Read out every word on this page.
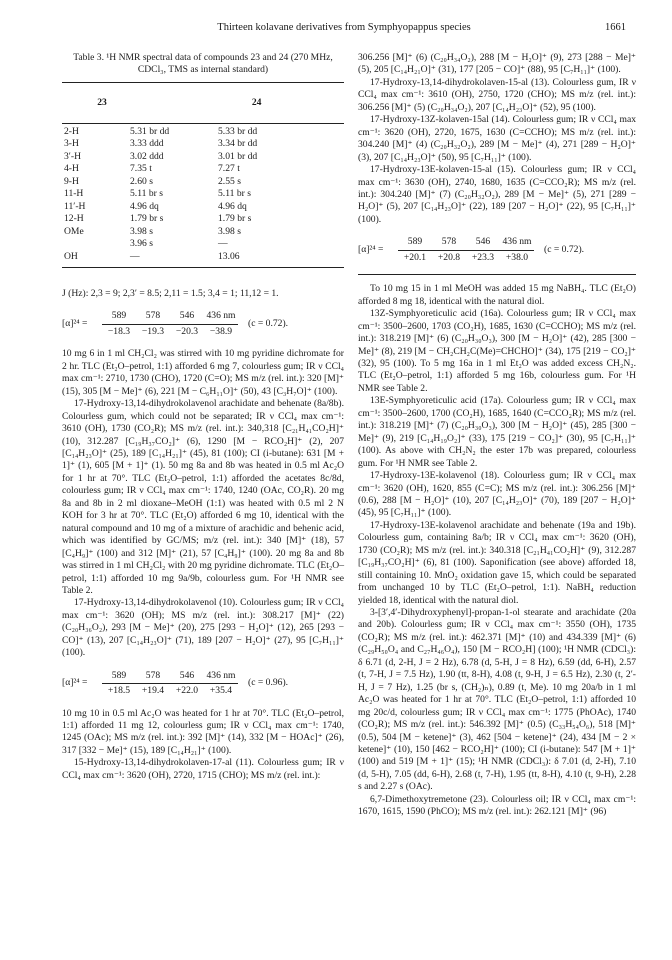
Thirteen kolavane derivatives from Symphyopappus species	1661
Table 3. ¹H NMR spectral data of compounds 23 and 24 (270 MHz, CDCl₃, TMS as internal standard)
	23	24
2-H	5.31 br dd	5.33 br dd
3-H	3.33 ddd	3.34 br dd
3′-H	3.02 ddd	3.01 br dd
4-H	7.35 t	7.27 t
9-H	2.60 s	2.55 s
11-H	5.11 br s	5.11 br s
11′-H	4.96 dq	4.96 dq
12-H	1.79 br s	1.79 br s
OMe	3.98 s	3.98 s
	3.96 s	—
OH	—	13.06

J (Hz): 2,3 = 9; 2,3′ = 8.5; 2,11 = 1.5; 3,4 = 1; 11,12 = 1.

[α]²⁴ =
589	578	546	436 nm
−18.3	−19.3	−20.3	−38.9
(c = 0.72).

10 mg 6 in 1 ml CH₂Cl₂ was stirred with 10 mg pyridine dichromate for 2 hr. TLC (Et₂O–petrol, 1:1) afforded 6 mg 7, colourless gum; IR ν CCl₄ max cm⁻¹: 2710, 1730 (CHO), 1720 (C=O); MS m/z (rel. int.): 320 [M]⁺ (15), 305 [M − Me]⁺ (6), 221 [M − C₆H₁₁O]⁺ (50), 43 [C₃H₇O]⁺ (100).

17-Hydroxy-13,14-dihydrokolavenol arachidate and behenate (8a/8b). Colourless gum, which could not be separated; IR ν CCl₄ max cm⁻¹: 3610 (OH), 1730 (CO₂R); MS m/z (rel. int.): 340,318 [C₂₁H₄₁CO₂H]⁺ (10), 312.287 [C₁₉H₃₇CO₂]⁺ (6), 1290 [M − RCO₂H]⁺ (2), 207 [C₁₄H₂₃O]⁺ (25), 189 [C₁₄H₂₁]⁺ (45), 81 (100); CI (i-butane): 631 [M + 1]⁺ (1), 605 [M + 1]⁺ (1). 50 mg 8a and 8b was heated in 0.5 ml Ac₂O for 1 hr at 70°. TLC (Et₂O–petrol, 1:1) afforded the acetates 8c/8d, colourless gum; IR ν CCl₄ max cm⁻¹: 1740, 1240 (OAc, CO₂R). 20 mg 8a and 8b in 2 ml dioxane–MeOH (1:1) was heated with 0.5 ml 2 N KOH for 3 hr at 70°. TLC (Et₂O) afforded 6 mg 10, identical with the natural compound and 10 mg of a mixture of arachidic and behenic acid, which was identified by GC/MS; m/z (rel. int.): 340 [M]⁺ (18), 57 [C₄H₉]⁺ (100) and 312 [M]⁺ (21), 57 [C₄H₉]⁺ (100). 20 mg 8a and 8b was stirred in 1 ml CH₂Cl₂ with 20 mg pyridine dichromate. TLC (Et₂O–petrol, 1:1) afforded 10 mg 9a/9b, colourless gum. For ¹H NMR see Table 2.

17-Hydroxy-13,14-dihydrokolavenol (10). Colourless gum; IR ν CCl₄ max cm⁻¹: 3620 (OH); MS m/z (rel. int.): 308.217 [M]⁺ (22) (C₂₀H₃₆O₂), 293 [M − Me]⁺ (20), 275 [293 − H₂O]⁺ (12), 265 [293 − CO]⁺ (13), 207 [C₁₄H₂₃O]⁺ (71), 189 [207 − H₂O]⁺ (27), 95 [C₇H₁₁]⁺ (100).

[α]²⁴ =
589	578	546	436 nm
+18.5	+19.4	+22.0	+35.4
(c = 0.96).

10 mg 10 in 0.5 ml Ac₂O was heated for 1 hr at 70°. TLC (Et₂O–petrol, 1:1) afforded 11 mg 12, colourless gum; IR ν CCl₄ max cm⁻¹: 1740, 1245 (OAc); MS m/z (rel. int.): 392 [M]⁺ (14), 332 [M − HOAc]⁺ (26), 317 [332 − Me]⁺ (15), 189 [C₁₄H₂₁]⁺ (100).

15-Hydroxy-13,14-dihydrokolaven-17-al (11). Colourless gum; IR ν CCl₄ max cm⁻¹: 3620 (OH), 2720, 1715 (CHO); MS m/z (rel. int.):

306.256 [M]⁺ (6) (C₂₀H₃₄O₂), 288 [M − H₂O]⁺ (9), 273 [288 − Me]⁺ (5), 205 [C₁₄H₂₁O]⁺ (31), 177 [205 − CO]⁺ (88), 95 [C₇H₁₁]⁺ (100).

17-Hydroxy-13,14-dihydrokolaven-15-al (13). Colourless gum, IR ν CCl₄ max cm⁻¹: 3610 (OH), 2750, 1720 (CHO); MS m/z (rel. int.): 306.256 [M]⁺ (5) (C₂₀H₃₄O₂), 207 [C₁₄H₂₃O]⁺ (52), 95 (100).

17-Hydroxy-13Z-kolaven-15al (14). Colourless gum; IR ν CCl₄ max cm⁻¹: 3620 (OH), 2720, 1675, 1630 (C=CCHO); MS m/z (rel. int.): 304.240 [M]⁺ (4) (C₂₀H₃₂O₂), 289 [M − Me]⁺ (4), 271 [289 − H₂O]⁺ (3), 207 [C₁₄H₂₃O]⁺ (50), 95 [C₇H₁₁]⁺ (100).

17-Hydroxy-13E-kolaven-15-al (15). Colourless gum; IR ν CCl₄ max cm⁻¹: 3630 (OH), 2740, 1680, 1635 (C=CCO₂R); MS m/z (rel. int.): 304.240 [M]⁺ (7) (C₂₀H₃₂O₂), 289 [M − Me]⁺ (5), 271 [289 − H₂O]⁺ (5), 207 [C₁₄H₂₃O]⁺ (22), 189 [207 − H₂O]⁺ (22), 95 [C₇H₁₁]⁺ (100).

[α]²⁴ =
589	578	546	436 nm
+20.1	+20.8	+23.3	+38.0
(c = 0.72).

To 10 mg 15 in 1 ml MeOH was added 15 mg NaBH₄. TLC (Et₂O) afforded 8 mg 18, identical with the natural diol.

13Z-Symphyoreticulic acid (16a). Colourless gum; IR ν CCl₄ max cm⁻¹: 3500–2600, 1703 (CO₂H), 1685, 1630 (C=CCHO); MS m/z (rel. int.): 318.219 [M]⁺ (6) (C₂₀H₃₀O₃), 300 [M − H₂O]⁺ (42), 285 [300 − Me]⁺ (8), 219 [M − CH₂CH₂C(Me)=CHCHO]⁺ (34), 175 [219 − CO₂]⁺ (32), 95 (100). To 5 mg 16a in 1 ml Et₂O was added excess CH₂N₂. TLC (Et₂O–petrol, 1:1) afforded 5 mg 16b, colourless gum. For ¹H NMR see Table 2.

13E-Symphyoreticulic acid (17a). Colourless gum; IR ν CCl₄ max cm⁻¹: 3500–2600, 1700 (CO₂H), 1685, 1640 (C=CCO₂R); MS m/z (rel. int.): 318.219 [M]⁺ (7) (C₂₀H₃₀O₃), 300 [M − H₂O]⁺ (45), 285 [300 − Me]⁺ (9), 219 [C₁₄H₁₉O₂]⁺ (33), 175 [219 − CO₂]⁺ (30), 95 [C₇H₁₁]⁺ (100). As above with CH₂N₂ the ester 17b was prepared, colourless gum. For ¹H NMR see Table 2.

17-Hydroxy-13E-kolavenol (18). Colourless gum; IR ν CCl₄ max cm⁻¹: 3620 (OH), 1620, 855 (C=C); MS m/z (rel. int.): 306.256 [M]⁺ (0.6), 288 [M − H₂O]⁺ (10), 207 [C₁₄H₂₃O]⁺ (70), 189 [207 − H₂O]⁺ (45), 95 [C₇H₁₁]⁺ (100).

17-Hydroxy-13E-kolavenol arachidate and behenate (19a and 19b). Colourless gum, containing 8a/b; IR ν CCl₄ max cm⁻¹: 3620 (OH), 1730 (CO₂R); MS m/z (rel. int.): 340.318 [C₂₁H₄₁CO₂H]⁺ (9), 312.287 [C₁₉H₃₇CO₂H]⁺ (6), 81 (100). Saponification (see above) afforded 18, still containing 10. MnO₂ oxidation gave 15, which could be separated from unchanged 10 by TLC (Et₂O–petrol, 1:1). NaBH₄ reduction yielded 18, identical with the natural diol.

3-[3′,4′-Dihydroxyphenyl]-propan-1-ol stearate and arachidate (20a and 20b). Colourless gum; IR ν CCl₄ max cm⁻¹: 3550 (OH), 1735 (CO₂R); MS m/z (rel. int.): 462.371 [M]⁺ (10) and 434.339 [M]⁺ (6) (C₂₉H₅₀O₄ and C₂₇H₄₆O₄), 150 [M − RCO₂H] (100); ¹H NMR (CDCl₃): δ 6.71 (d, 2-H, J = 2 Hz), 6.78 (d, 5-H, J = 8 Hz), 6.59 (dd, 6-H), 2.57 (t, 7-H, J = 7.5 Hz), 1.90 (tt, 8-H), 4.08 (t, 9-H, J = 6.5 Hz), 2.30 (t, 2′-H, J = 7 Hz), 1.25 (br s, (CH₂)ₙ), 0.89 (t, Me). 10 mg 20a/b in 1 ml Ac₂O was heated for 1 hr at 70°. TLC (Et₂O–petrol, 1:1) afforded 10 mg 20c/d, colourless gum; IR ν CCl₄ max cm⁻¹: 1775 (PhOAc), 1740 (CO₂R); MS m/z (rel. int.): 546.392 [M]⁺ (0.5) (C₃₃H₅₄O₆), 518 [M]⁺ (0.5), 504 [M − ketene]⁺ (3), 462 [504 − ketene]⁺ (24), 434 [M − 2 × ketene]⁺ (10), 150 [462 − RCO₂H]⁺ (100); CI (i-butane): 547 [M + 1]⁺ (100) and 519 [M + 1]⁺ (15); ¹H NMR (CDCl₃): δ 7.01 (d, 2-H), 7.10 (d, 5-H), 7.05 (dd, 6-H), 2.68 (t, 7-H), 1.95 (tt, 8-H), 4.10 (t, 9-H), 2.28 s and 2.27 s (OAc).

6,7-Dimethoxytremetone (23). Colourless oil; IR ν CCl₄ max cm⁻¹: 1670, 1615, 1590 (PhCO); MS m/z (rel. int.): 262.121 [M]⁺ (96)
